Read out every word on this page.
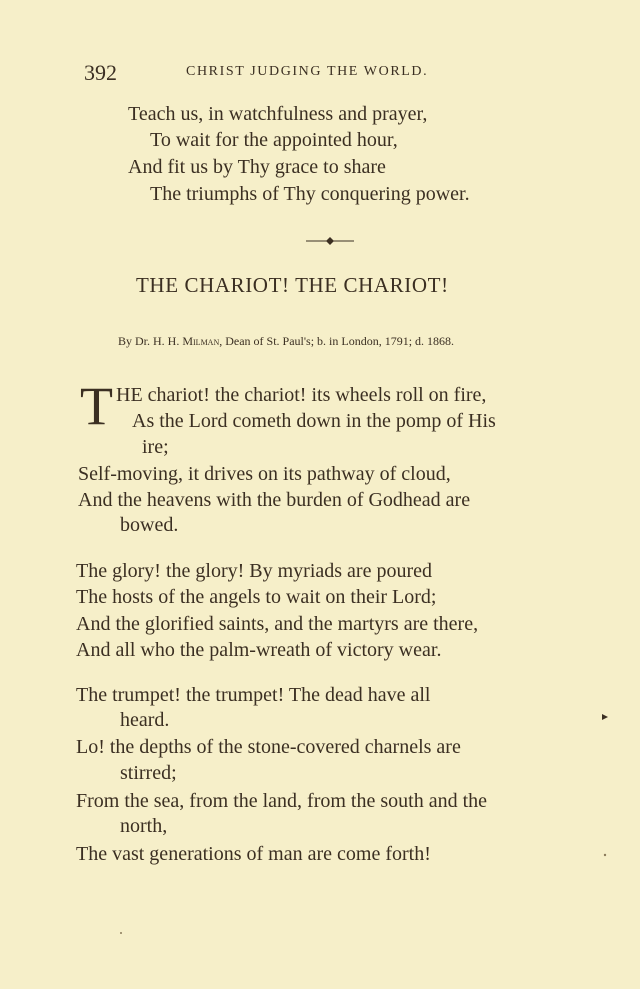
392	CHRIST JUDGING THE WORLD.
Teach us, in watchfulness and prayer,
To wait for the appointed hour,
And fit us by Thy grace to share
The triumphs of Thy conquering power.
THE CHARIOT! THE CHARIOT!
By Dr. H. H. Milman, Dean of St. Paul's; b. in London, 1791; d. 1868.
T HE chariot! the chariot! its wheels roll on fire,
As the Lord cometh down in the pomp of His
ire;
Self-moving, it drives on its pathway of cloud,
And the heavens with the burden of Godhead are
bowed.
The glory! the glory! By myriads are poured
The hosts of the angels to wait on their Lord;
And the glorified saints, and the martyrs are there,
And all who the palm-wreath of victory wear.
The trumpet! the trumpet! The dead have all
heard.
Lo! the depths of the stone-covered charnels are
stirred;
From the sea, from the land, from the south and the
north,
The vast generations of man are come forth!
